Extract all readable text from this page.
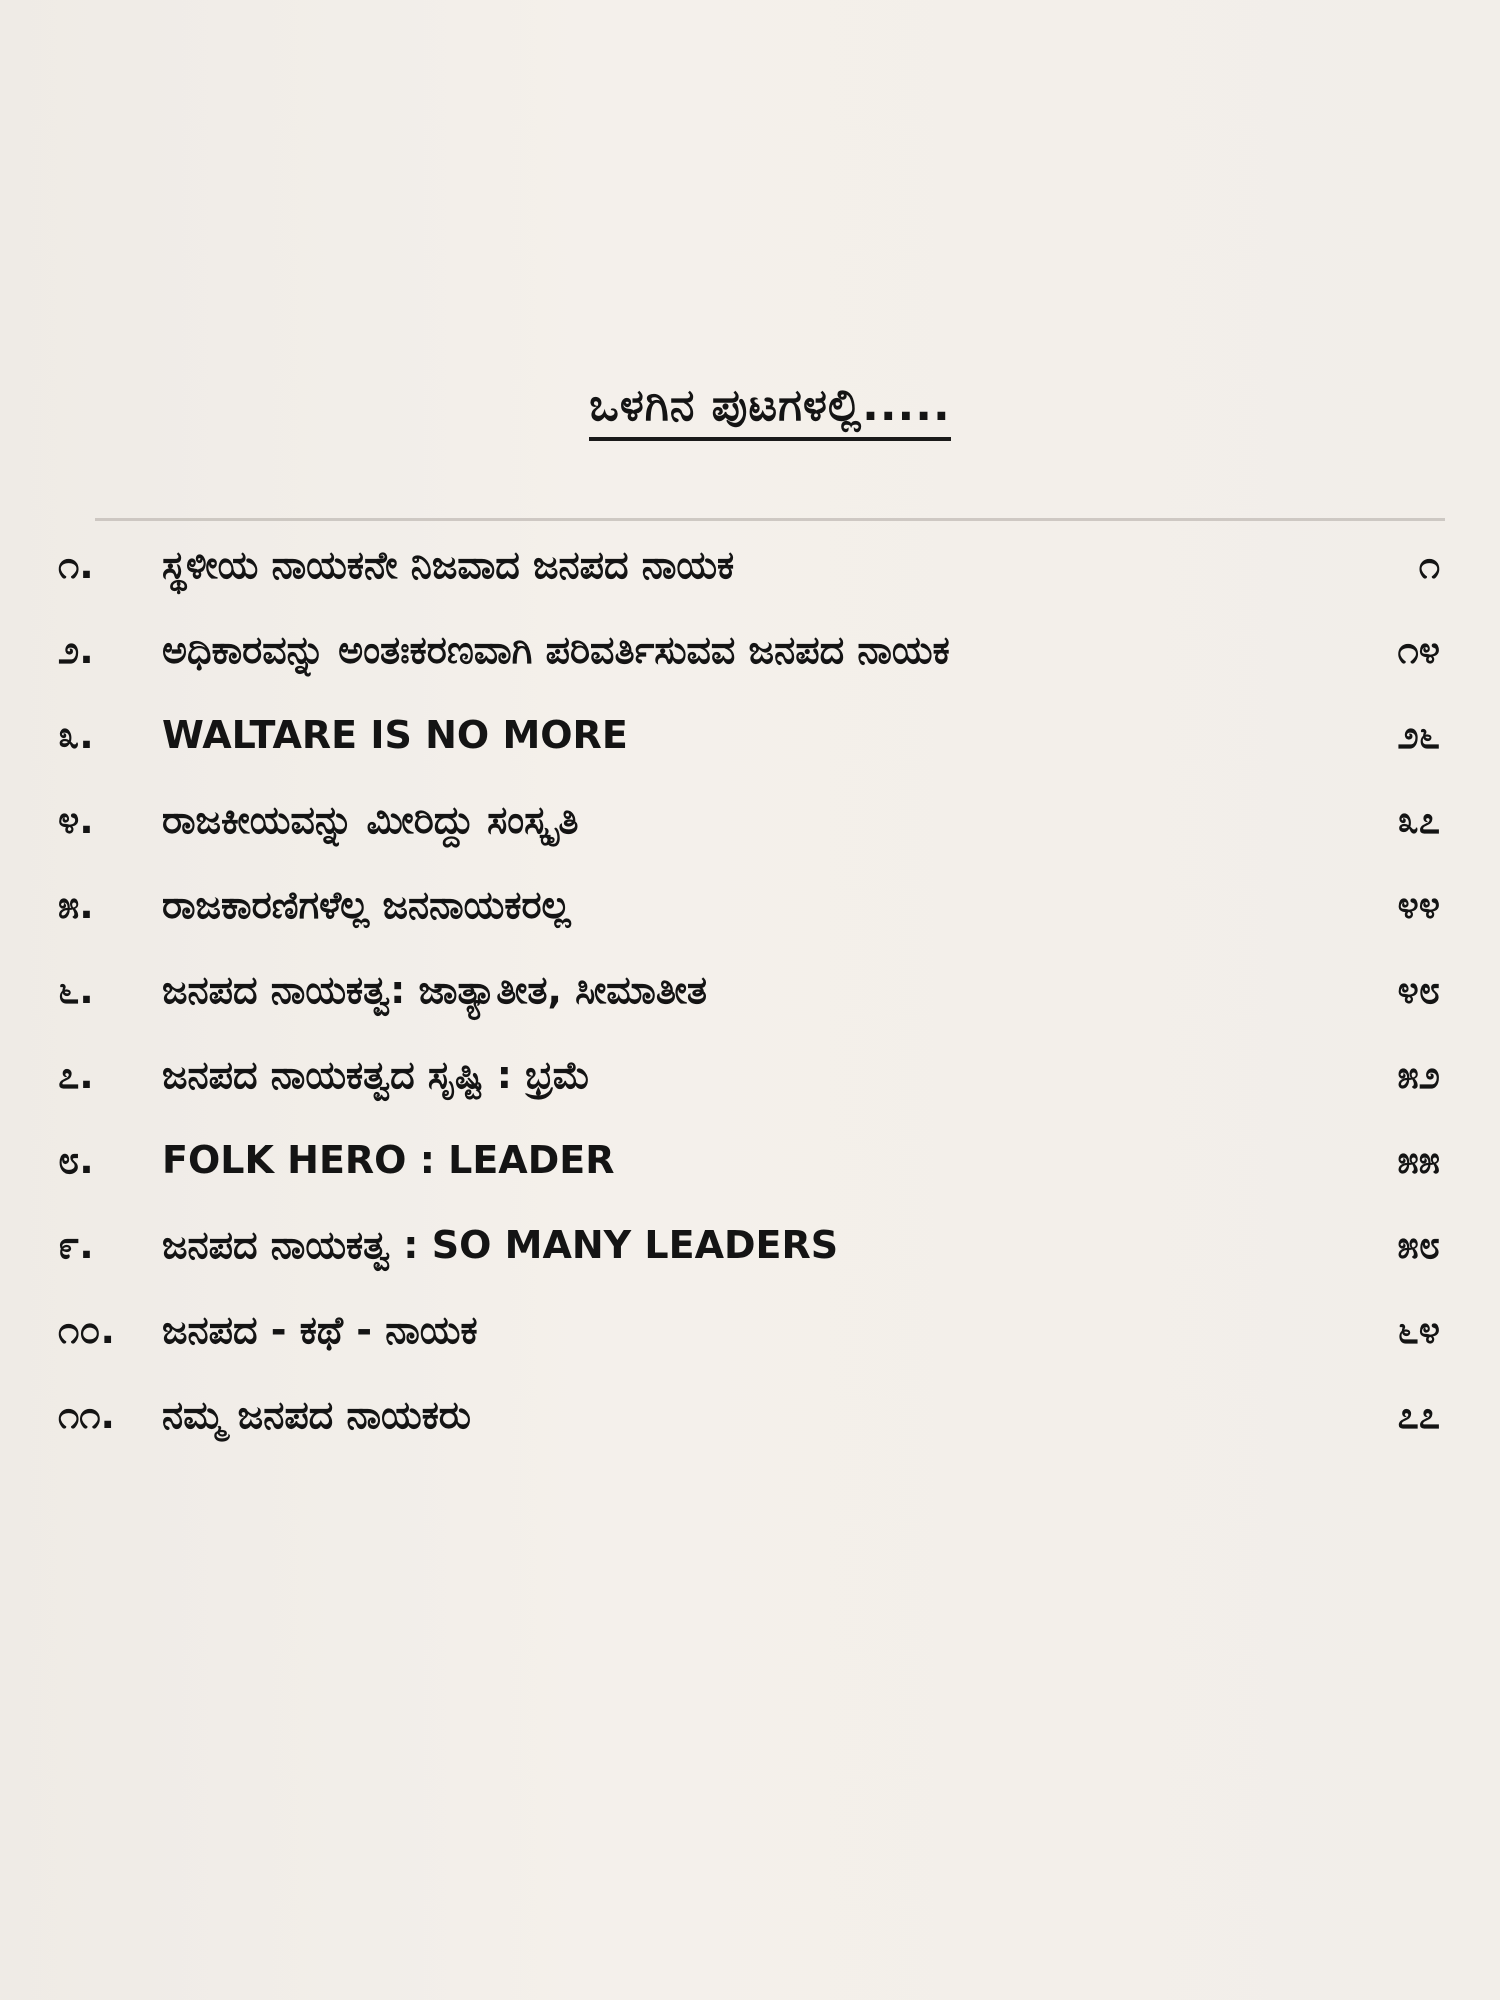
ಒಳಗಿನ ಪುಟಗಳಲ್ಲಿ.....
೧.	ಸ್ಥಳೀಯ ನಾಯಕನೇ ನಿಜವಾದ ಜನಪದ ನಾಯಕ	೧
೨.	ಅಧಿಕಾರವನ್ನು ಅಂತಃಕರಣವಾಗಿ ಪರಿವರ್ತಿಸುವವ ಜನಪದ ನಾಯಕ	೧೪
೩.	WALTARE IS NO MORE	೨೬
೪.	ರಾಜಕೀಯವನ್ನು ಮೀರಿದ್ದು ಸಂಸ್ಕೃತಿ	೩೭
೫.	ರಾಜಕಾರಣಿಗಳೆಲ್ಲ ಜನನಾಯಕರಲ್ಲ	೪೪
೬.	ಜನಪದ ನಾಯಕತ್ವ: ಜಾತ್ಯಾತೀತ, ಸೀಮಾತೀತ	೪೮
೭.	ಜನಪದ ನಾಯಕತ್ವದ ಸೃಷ್ಟಿ : ಭ್ರಮೆ	೫೨
೮.	FOLK HERO : LEADER	೫೫
೯.	ಜನಪದ ನಾಯಕತ್ವ : SO MANY LEADERS	೫೮
೧೦.	ಜನಪದ - ಕಥೆ - ನಾಯಕ	೬೪
೧೧.	ನಮ್ಮ ಜನಪದ ನಾಯಕರು	೭೭
